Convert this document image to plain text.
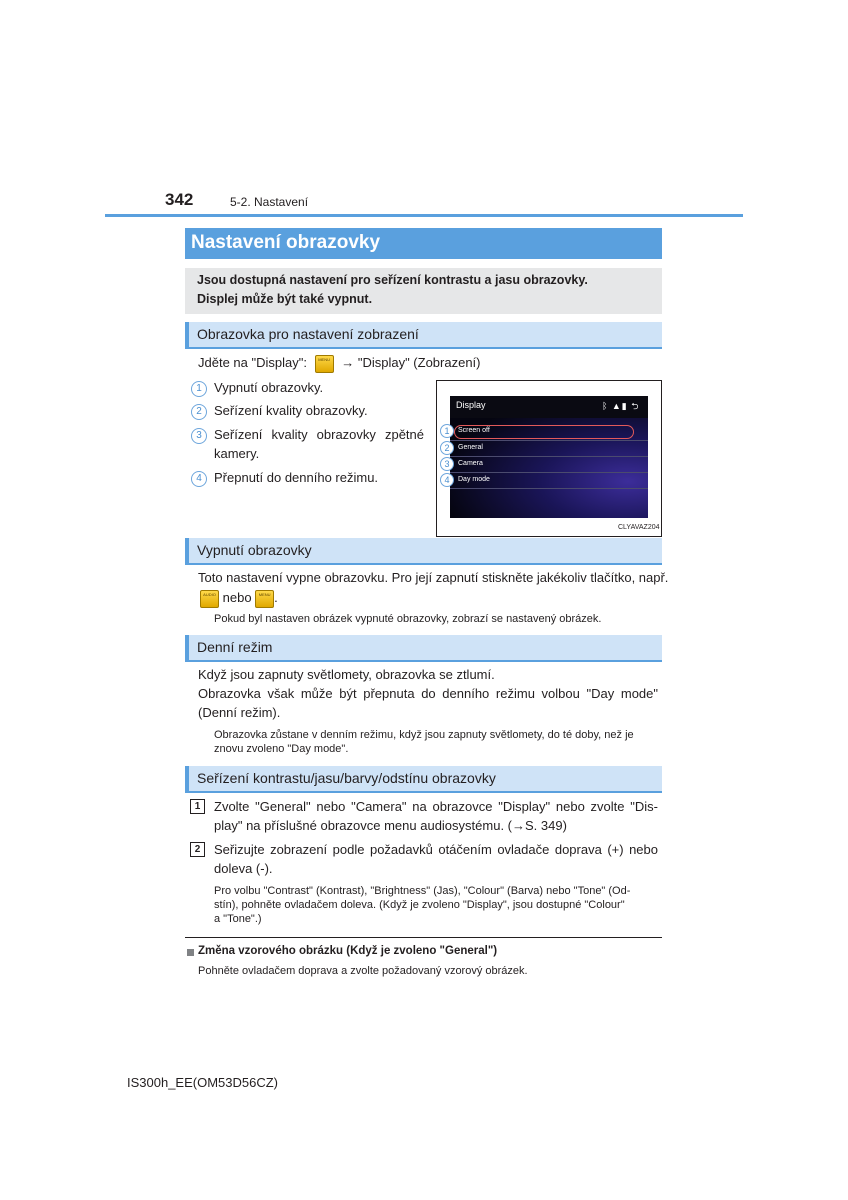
342	5-2. Nastavení
Nastavení obrazovky
Jsou dostupná nastavení pro seřízení kontrastu a jasu obrazovky.
Displej může být také vypnut.
Obrazovka pro nastavení zobrazení
Jděte na "Display":	MENU → "Display" (Zobrazení)
1 Vypnutí obrazovky.
2 Seřízení kvality obrazovky.
3 Seřízení kvality obrazovky zpětné
kamery.
4 Přepnutí do denního režimu.
Display	ᛒ ▲▮ ⮌
Screen off
General
Camera
Day mode
1
2
3
4
CLYAVAZ204
Vypnutí obrazovky
Toto nastavení vypne obrazovku. Pro její zapnutí stiskněte jakékoliv tlačítko, např.
AUDIO nebo MENU .
Pokud byl nastaven obrázek vypnuté obrazovky, zobrazí se nastavený obrázek.
Denní režim
Když jsou zapnuty světlomety, obrazovka se ztlumí.
Obrazovka však může být přepnuta do denního režimu volbou "Day mode"
(Denní režim).
Obrazovka zůstane v denním režimu, když jsou zapnuty světlomety, do té doby, než je
znovu zvoleno "Day mode".
Seřízení kontrastu/jasu/barvy/odstínu obrazovky
1	Zvolte "General" nebo "Camera" na obrazovce "Display" nebo zvolte "Dis-
play" na příslušné obrazovce menu audiosystému. (→S. 349)
2	Seřizujte zobrazení podle požadavků otáčením ovladače doprava (+) nebo
doleva (-).
Pro volbu "Contrast" (Kontrast), "Brightness" (Jas), "Colour" (Barva) nebo "Tone" (Od-
stín), pohněte ovladačem doleva. (Když je zvoleno "Display", jsou dostupné "Colour"
a "Tone".)
Změna vzorového obrázku (Když je zvoleno "General")
Pohněte ovladačem doprava a zvolte požadovaný vzorový obrázek.
IS300h_EE(OM53D56CZ)
